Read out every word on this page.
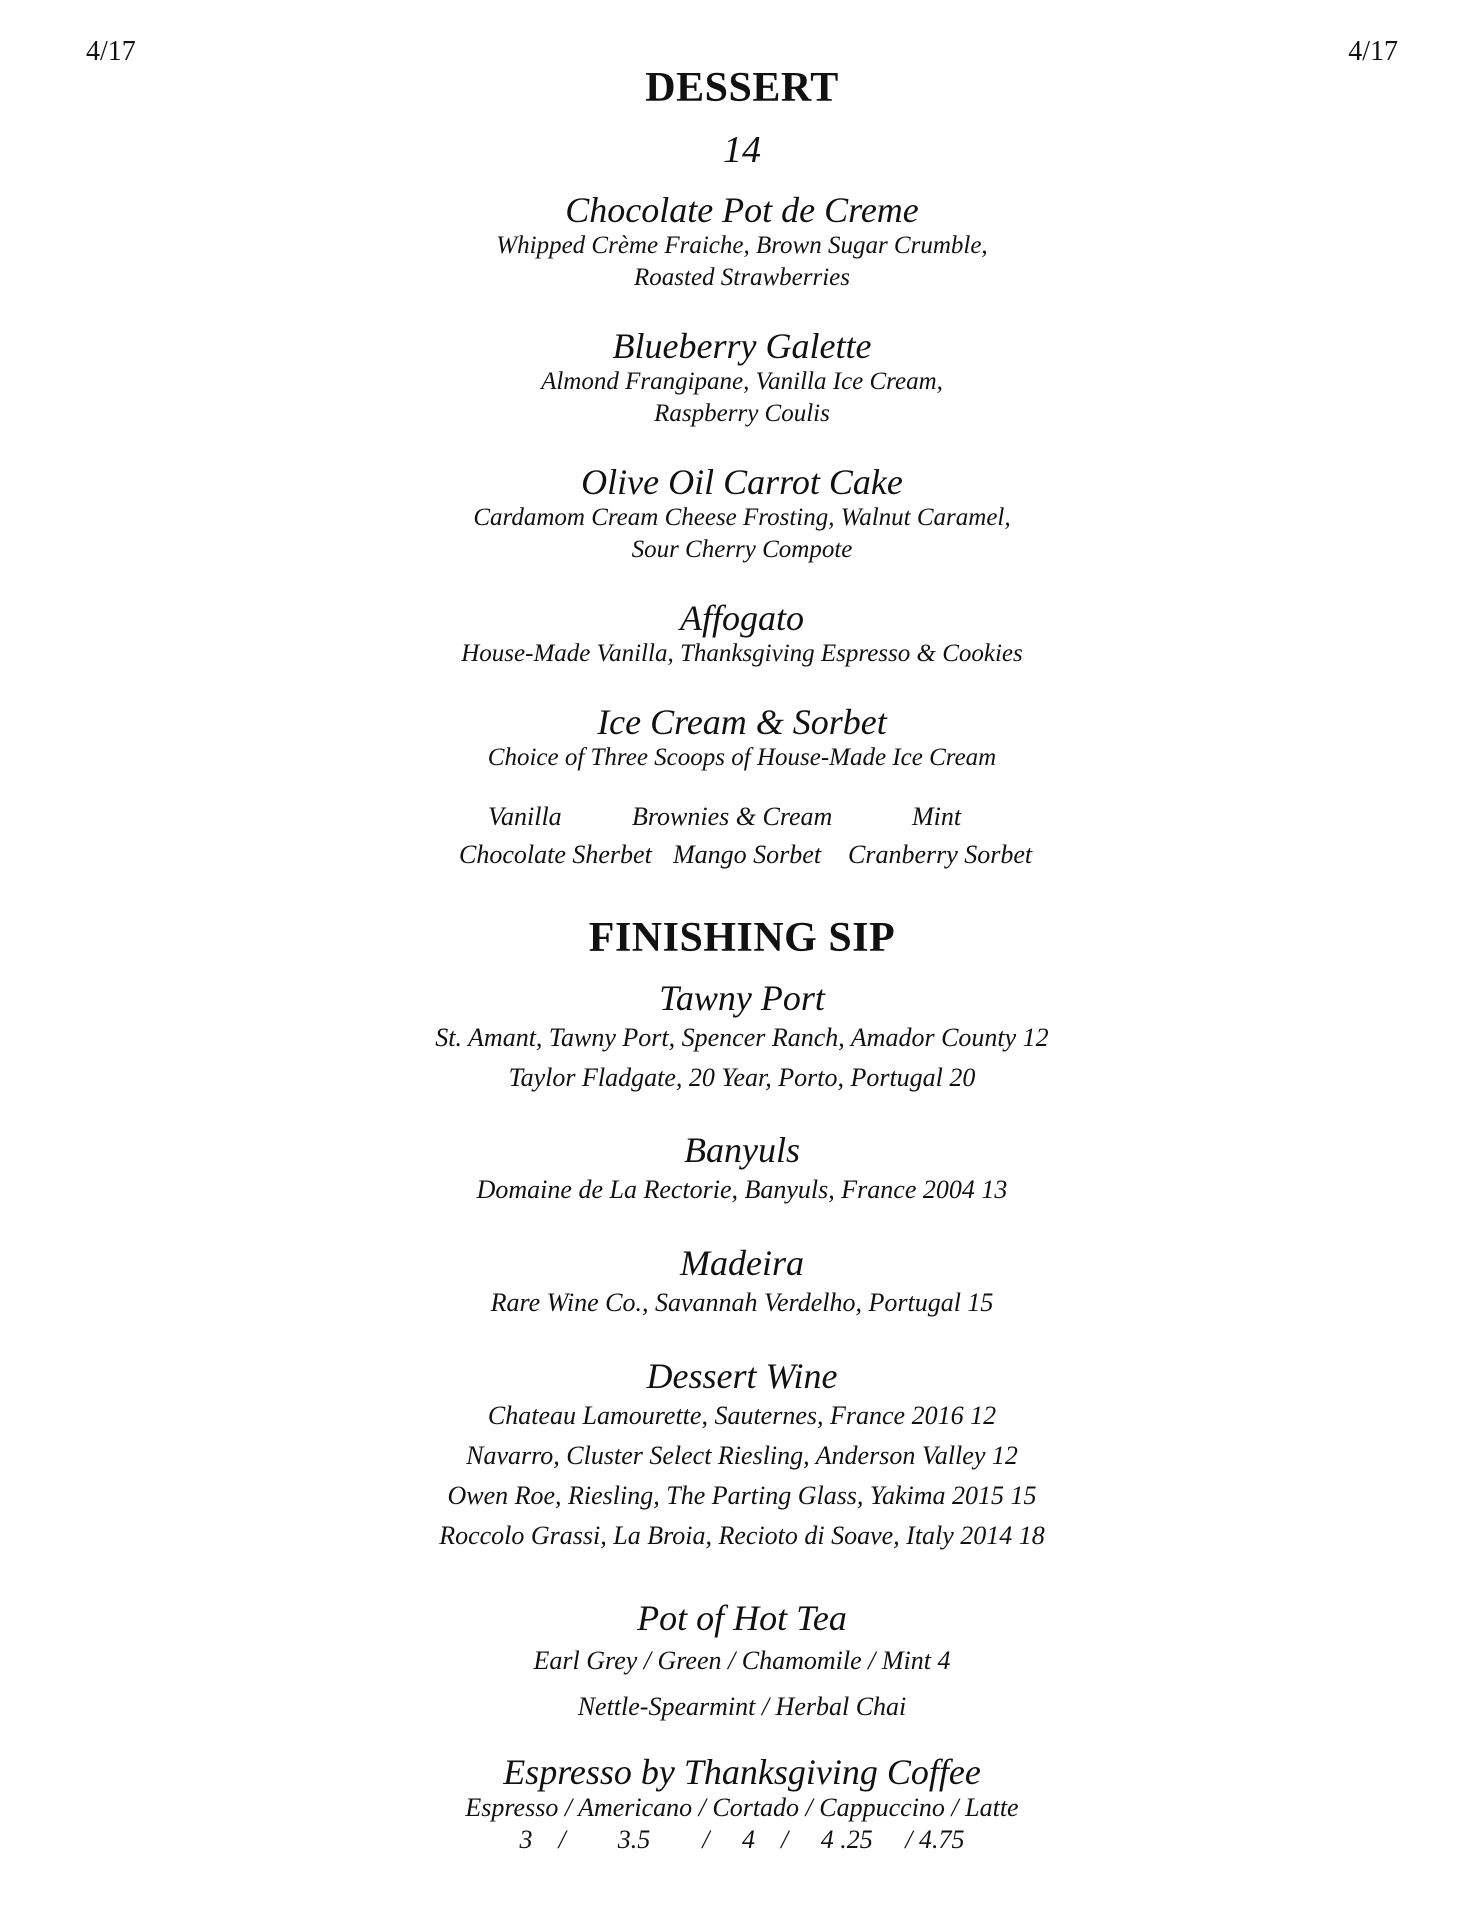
4/17	4/17
DESSERT
14
Chocolate Pot de Creme
Whipped Crème Fraiche, Brown Sugar Crumble,
Roasted Strawberries
Blueberry Galette
Almond Frangipane, Vanilla Ice Cream,
Raspberry Coulis
Olive Oil Carrot Cake
Cardamom Cream Cheese Frosting, Walnut Caramel,
Sour Cherry Compote
Affogato
House-Made Vanilla, Thanksgiving Espresso & Cookies
Ice Cream & Sorbet
Choice of Three Scoops of House-Made Ice Cream
Vanilla	Brownies & Cream	Mint
Chocolate Sherbet Mango Sorbet Cranberry Sorbet
FINISHING SIP
Tawny Port
St. Amant, Tawny Port, Spencer Ranch, Amador County 12
Taylor Fladgate, 20 Year, Porto, Portugal 20
Banyuls
Domaine de La Rectorie, Banyuls, France 2004 13
Madeira
Rare Wine Co., Savannah Verdelho, Portugal 15
Dessert Wine
Chateau Lamourette, Sauternes, France 2016 12
Navarro, Cluster Select Riesling, Anderson Valley 12
Owen Roe, Riesling, The Parting Glass, Yakima 2015 15
Roccolo Grassi, La Broia, Recioto di Soave, Italy 2014 18
Pot of Hot Tea
Earl Grey / Green / Chamomile / Mint 4
Nettle-Spearmint / Herbal Chai
Espresso by Thanksgiving Coffee
Espresso / Americano / Cortado / Cappuccino / Latte
3    /        3.5        /     4    /     4 .25     / 4.75
